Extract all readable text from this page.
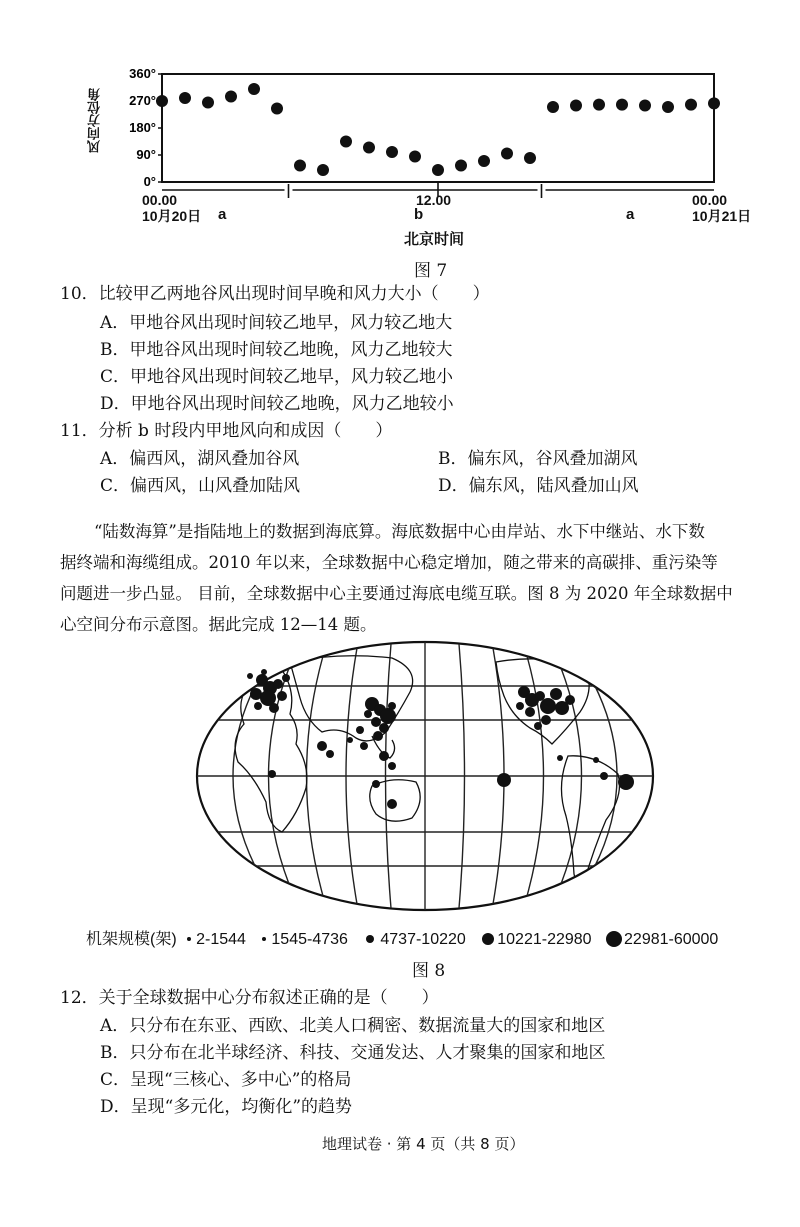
0°
90°
180°
270°
360°
风向方位角
00.00
10月20日
12.00	00.00
10月21日
a	b	a
北京时间
图 7
10．比较甲乙两地谷风出现时间早晚和风力大小（　　）
A．甲地谷风出现时间较乙地早，风力较乙地大
B．甲地谷风出现时间较乙地晚，风力乙地较大
C．甲地谷风出现时间较乙地早，风力较乙地小
D．甲地谷风出现时间较乙地晚，风力乙地较小
11．分析 b 时段内甲地风向和成因（　　）
A．偏西风，湖风叠加谷风	B．偏东风，谷风叠加湖风
C．偏西风，山风叠加陆风	D．偏东风，陆风叠加山风
“陆数海算”是指陆地上的数据到海底算。海底数据中心由岸站、水下中继站、水下数
据终端和海缆组成。2010 年以来，全球数据中心稳定增加，随之带来的高碳排、重污染等
问题进一步凸显。 目前，全球数据中心主要通过海底电缆互联。图 8 为 2020 年全球数据中
心空间分布示意图。据此完成 12—14 题。
机架规模(架) 2-1544 1545-4736 4737-10220 10221-22980 22981-60000
图 8
12．关于全球数据中心分布叙述正确的是（　　）
A．只分布在东亚、西欧、北美人口稠密、数据流量大的国家和地区
B．只分布在北半球经济、科技、交通发达、人才聚集的国家和地区
C．呈现“三核心、多中心”的格局
D．呈现“多元化，均衡化”的趋势
地理试卷 · 第 4 页（共 8 页）
